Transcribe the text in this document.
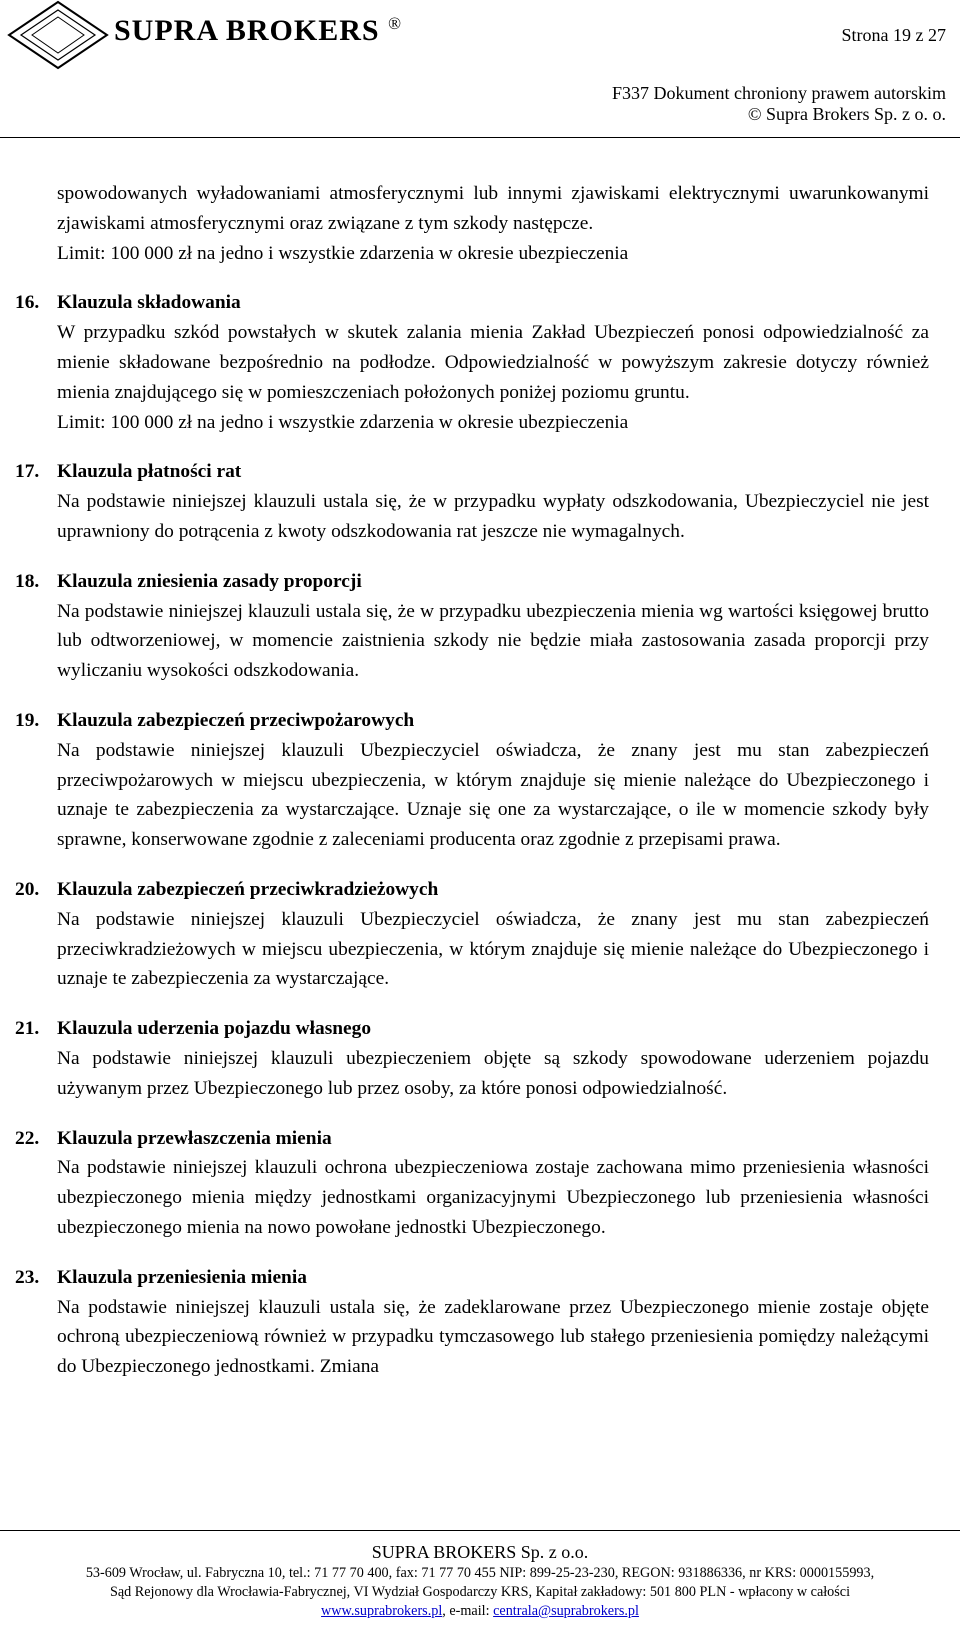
SUPRA BROKERS ®
Strona 19 z 27
F337 Dokument chroniony prawem autorskim
© Supra Brokers Sp. z o. o.

spowodowanych wyładowaniami atmosferycznymi lub innymi zjawiskami elektrycznymi uwarunkowanymi zjawiskami atmosferycznymi oraz związane z tym szkody następcze.

Limit: 100 000 zł na jedno i wszystkie zdarzenia w okresie ubezpieczenia

16. Klauzula składowania

W przypadku szkód powstałych w skutek zalania mienia Zakład Ubezpieczeń ponosi odpowiedzialność za mienie składowane bezpośrednio na podłodze. Odpowiedzialność w powyższym zakresie dotyczy również mienia znajdującego się w pomieszczeniach położonych poniżej poziomu gruntu.

Limit: 100 000 zł na jedno i wszystkie zdarzenia w okresie ubezpieczenia

17. Klauzula płatności rat

Na podstawie niniejszej klauzuli ustala się, że w przypadku wypłaty odszkodowania, Ubezpieczyciel nie jest uprawniony do potrącenia z kwoty odszkodowania rat jeszcze nie wymagalnych.

18. Klauzula zniesienia zasady proporcji

Na podstawie niniejszej klauzuli ustala się, że w przypadku ubezpieczenia mienia wg wartości księgowej brutto lub odtworzeniowej, w momencie zaistnienia szkody nie będzie miała zastosowania zasada proporcji przy wyliczaniu wysokości odszkodowania.

19. Klauzula zabezpieczeń przeciwpożarowych

Na podstawie niniejszej klauzuli Ubezpieczyciel oświadcza, że znany jest mu stan zabezpieczeń przeciwpożarowych w miejscu ubezpieczenia, w którym znajduje się mienie należące do Ubezpieczonego i uznaje te zabezpieczenia za wystarczające. Uznaje się one za wystarczające, o ile w momencie szkody były sprawne, konserwowane zgodnie z zaleceniami producenta oraz zgodnie z przepisami prawa.

20. Klauzula zabezpieczeń przeciwkradzieżowych

Na podstawie niniejszej klauzuli Ubezpieczyciel oświadcza, że znany jest mu stan zabezpieczeń przeciwkradzieżowych w miejscu ubezpieczenia, w którym znajduje się mienie należące do Ubezpieczonego i uznaje te zabezpieczenia za wystarczające.

21. Klauzula uderzenia pojazdu własnego

Na podstawie niniejszej klauzuli ubezpieczeniem objęte są szkody spowodowane uderzeniem pojazdu używanym przez Ubezpieczonego lub przez osoby, za które ponosi odpowiedzialność.

22. Klauzula przewłaszczenia mienia

Na podstawie niniejszej klauzuli ochrona ubezpieczeniowa zostaje zachowana mimo przeniesienia własności ubezpieczonego mienia między jednostkami organizacyjnymi Ubezpieczonego lub przeniesienia własności ubezpieczonego mienia na nowo powołane jednostki Ubezpieczonego.

23. Klauzula przeniesienia mienia

Na podstawie niniejszej klauzuli ustala się, że zadeklarowane przez Ubezpieczonego mienie zostaje objęte ochroną ubezpieczeniową również w przypadku tymczasowego lub stałego przeniesienia pomiędzy należącymi do Ubezpieczonego jednostkami. Zmiana

SUPRA BROKERS Sp. z o.o.
53-609 Wrocław, ul. Fabryczna 10, tel.: 71 77 70 400, fax: 71 77 70 455 NIP: 899-25-23-230, REGON: 931886336, nr KRS: 0000155993,
Sąd Rejonowy dla Wrocławia-Fabrycznej, VI Wydział Gospodarczy KRS, Kapitał zakładowy: 501 800 PLN - wpłacony w całości
www.suprabrokers.pl, e-mail: centrala@suprabrokers.pl
